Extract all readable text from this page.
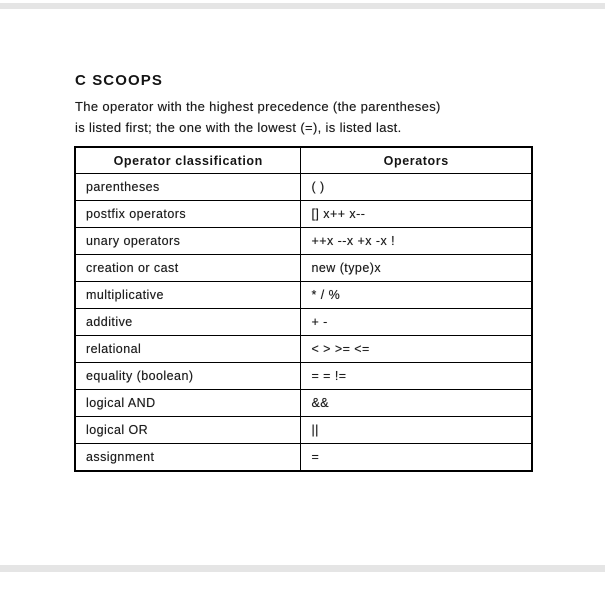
C SCOOPS
The operator with the highest precedence (the parentheses)
is listed first; the one with the lowest (=), is listed last.
Operator classification	Operators
parentheses	( )
postfix operators	[] x++ x--
unary operators	++x --x +x -x !
creation or cast	new (type)x
multiplicative	* / %
additive	+ -
relational	< > >= <=
equality (boolean)	= = !=
logical AND	&&
logical OR	||
assignment	=
